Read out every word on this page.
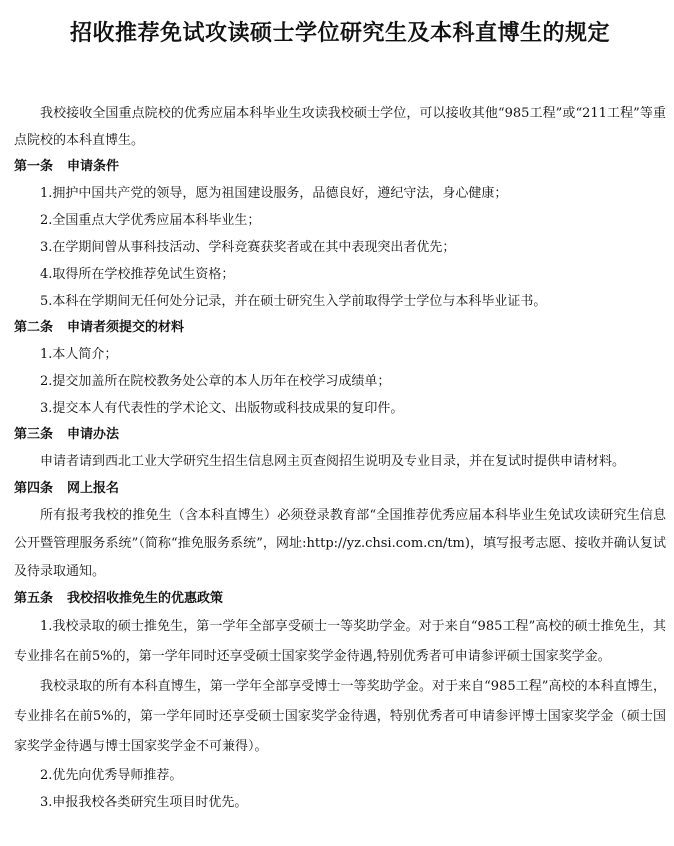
招收推荐免试攻读硕士学位研究生及本科直博生的规定

我校接收全国重点院校的优秀应届本科毕业生攻读我校硕士学位，可以接收其他“985工程”或“211工程”等重点院校的本科直博生。

第一条 申请条件

1.拥护中国共产党的领导，愿为祖国建设服务，品德良好，遵纪守法，身心健康；

2.全国重点大学优秀应届本科毕业生；

3.在学期间曾从事科技活动、学科竞赛获奖者或在其中表现突出者优先；

4.取得所在学校推荐免试生资格；

5.本科在学期间无任何处分记录，并在硕士研究生入学前取得学士学位与本科毕业证书。

第二条 申请者须提交的材料

1.本人简介；

2.提交加盖所在院校教务处公章的本人历年在校学习成绩单；

3.提交本人有代表性的学术论文、出版物或科技成果的复印件。

第三条 申请办法

申请者请到西北工业大学研究生招生信息网主页查阅招生说明及专业目录，并在复试时提供申请材料。

第四条 网上报名

所有报考我校的推免生（含本科直博生）必须登录教育部“全国推荐优秀应届本科毕业生免试攻读研究生信息公开暨管理服务系统”（简称“推免服务系统”，网址:http://yz.chsi.com.cn/tm)，填写报考志愿、接收并确认复试及待录取通知。

第五条 我校招收推免生的优惠政策

1.我校录取的硕士推免生，第一学年全部享受硕士一等奖助学金。对于来自“985工程”高校的硕士推免生，其专业排名在前5%的，第一学年同时还享受硕士国家奖学金待遇,特别优秀者可申请参评硕士国家奖学金。

我校录取的所有本科直博生，第一学年全部享受博士一等奖助学金。对于来自“985工程”高校的本科直博生，专业排名在前5%的，第一学年同时还享受硕士国家奖学金待遇，特别优秀者可申请参评博士国家奖学金（硕士国家奖学金待遇与博士国家奖学金不可兼得）。

2.优先向优秀导师推荐。

3.申报我校各类研究生项目时优先。
